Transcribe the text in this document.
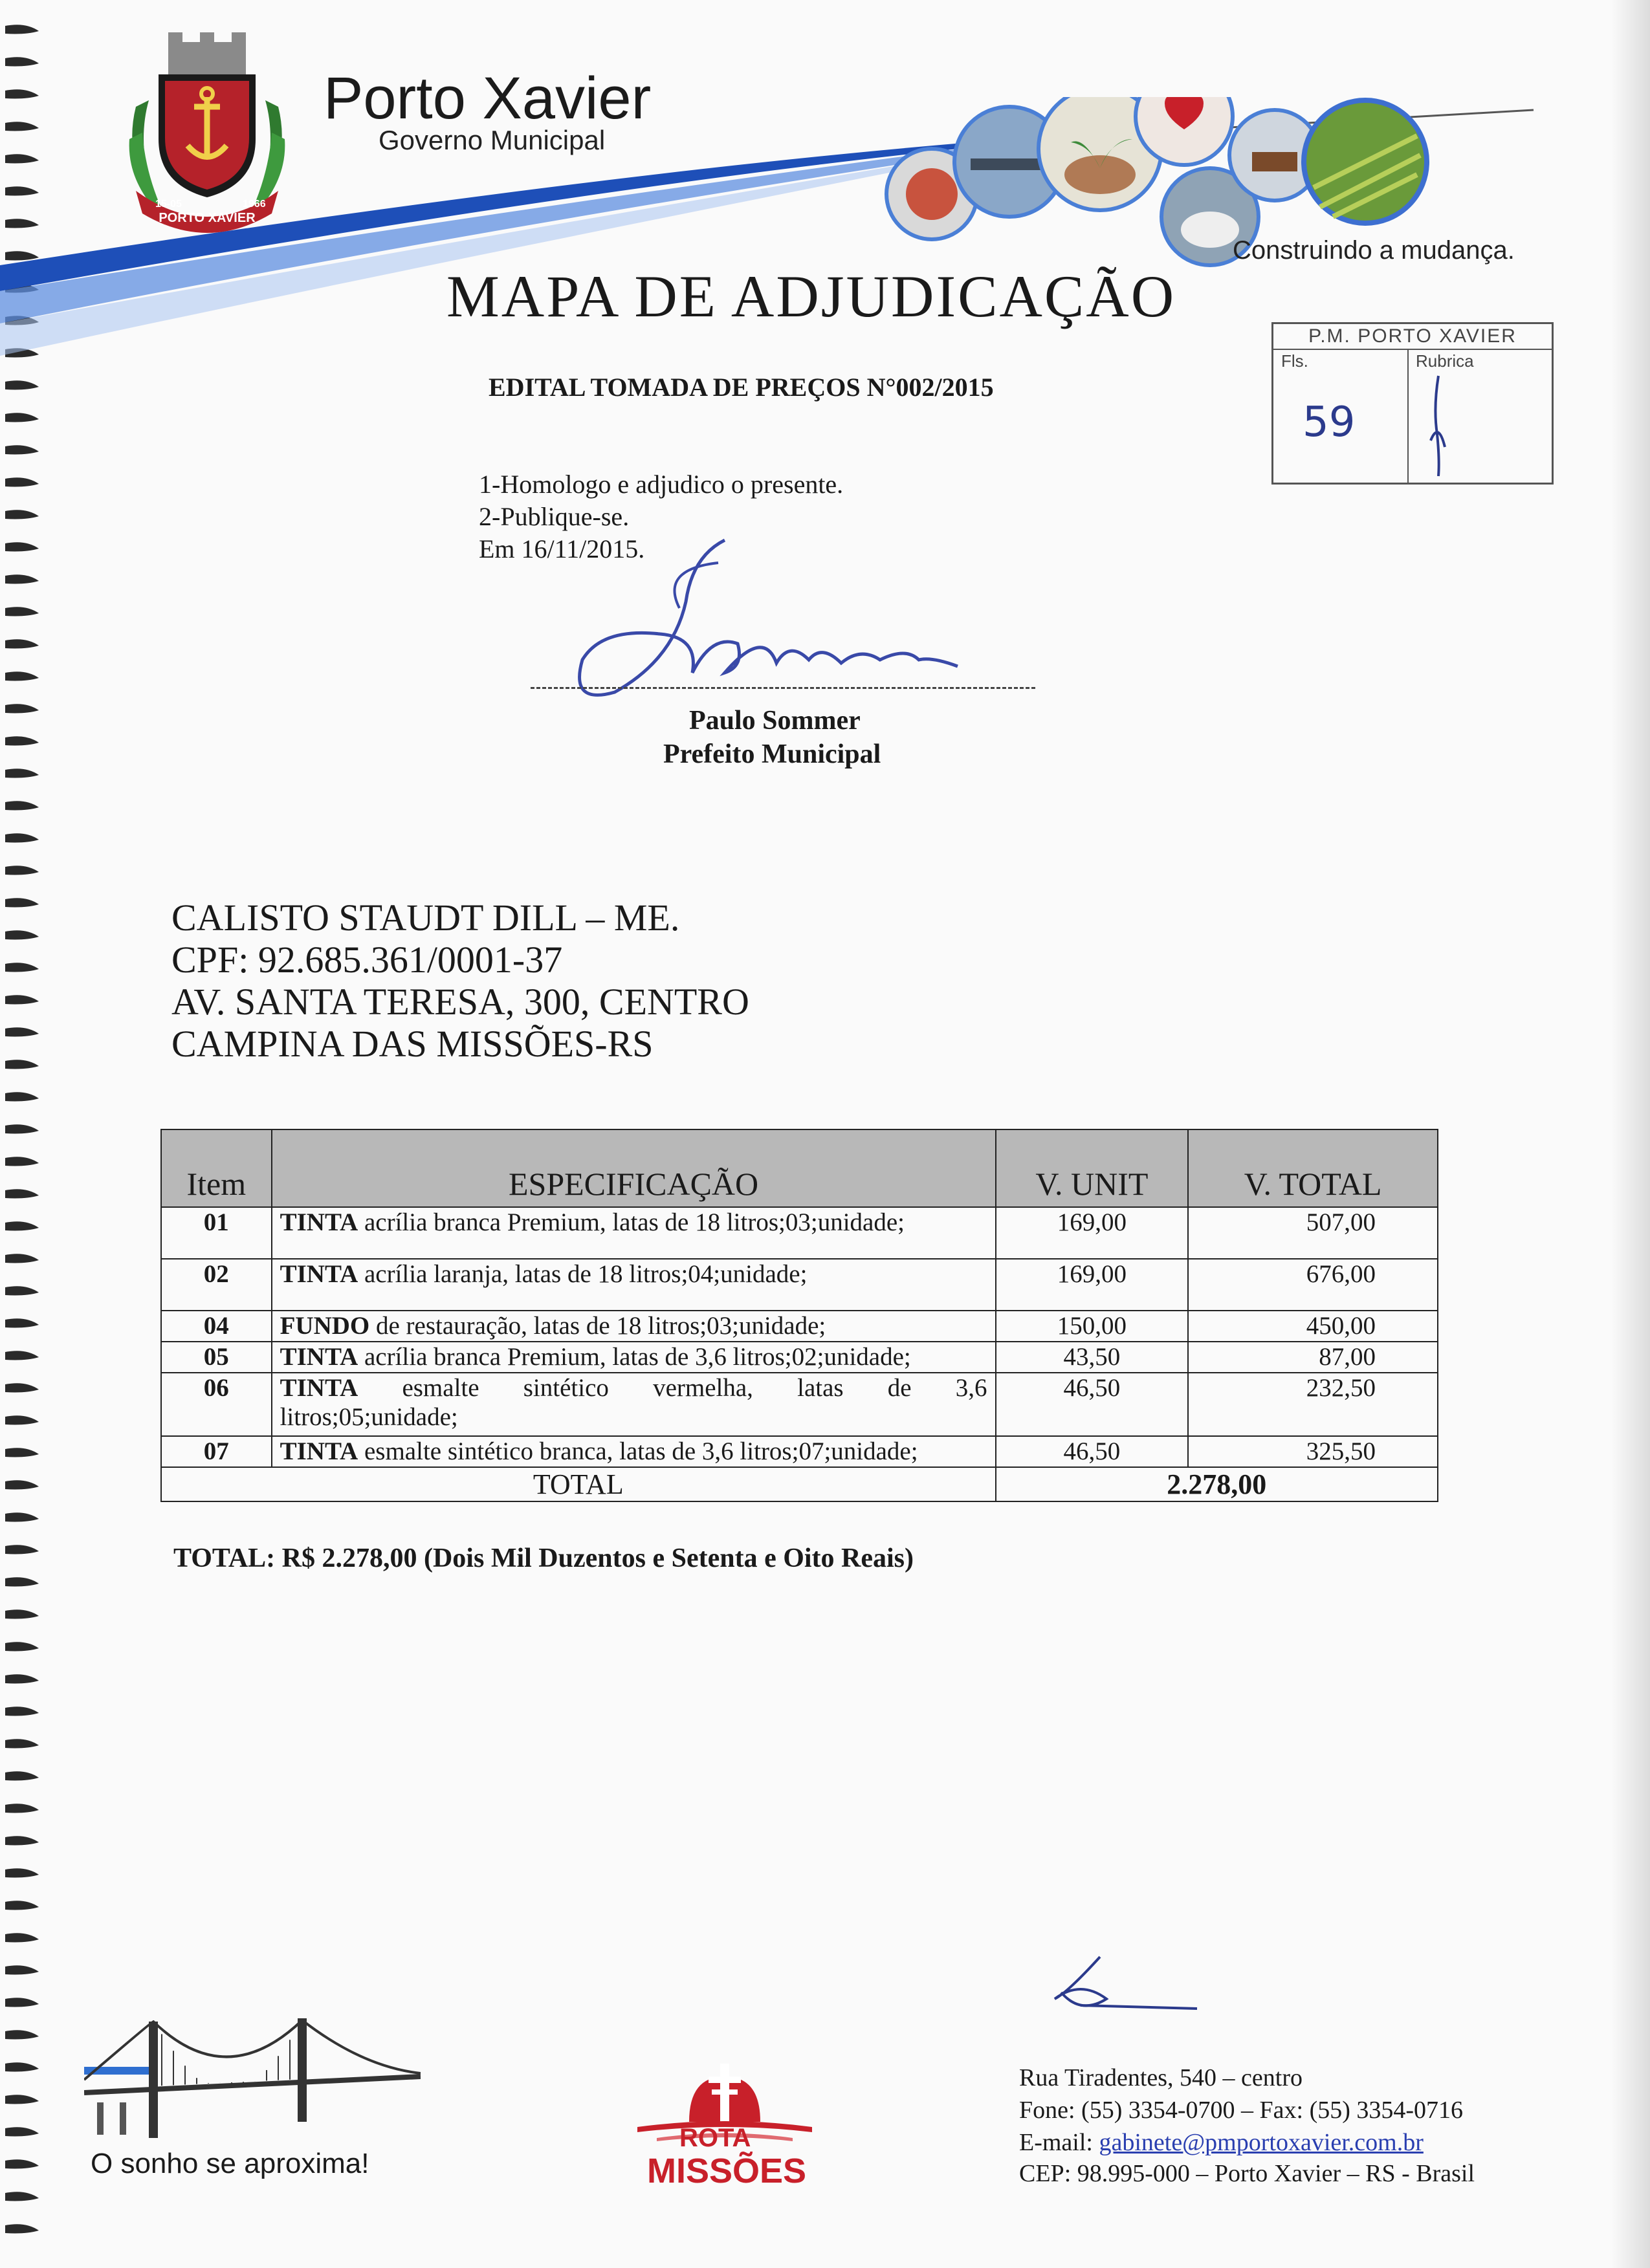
PORTO XAVIER
15-05	1966
Porto Xavier
Governo Municipal
Construindo a mudança.
MAPA DE ADJUDICAÇÃO
EDITAL TOMADA DE PREÇOS N°002/2015
P.M. PORTO XAVIER
Fls.	Rubrica
59
1-Homologo e adjudico o presente.
2-Publique-se.
Em 16/11/2015.
Paulo Sommer
Prefeito Municipal
CALISTO STAUDT DILL – ME.
CPF: 92.685.361/0001-37
AV. SANTA TERESA, 300, CENTRO
CAMPINA DAS MISSÕES-RS
Item	ESPECIFICAÇÃO	V. UNIT	V. TOTAL
01	TINTA acrília branca Premium, latas de 18 litros;03;unidade;	169,00	507,00
02	TINTA acrília laranja, latas de 18 litros;04;unidade;	169,00	676,00
04	FUNDO de restauração, latas de 18 litros;03;unidade;	150,00	450,00
05	TINTA acrília branca Premium, latas de 3,6 litros;02;unidade;	43,50	87,00
06	TINTA esmalte sintético vermelha, latas de 3,6
litros;05;unidade;	46,50	232,50
07	TINTA esmalte sintético branca, latas de 3,6 litros;07;unidade;	46,50	325,50
TOTAL		2.278,00	
TOTAL: R$ 2.278,00 (Dois Mil Duzentos e Setenta e Oito Reais)
O sonho se aproxima!
ROTA
MISSÕES
Rua Tiradentes, 540 – centro
Fone: (55) 3354-0700 – Fax: (55) 3354-0716
E-mail: gabinete@pmportoxavier.com.br
CEP: 98.995-000 – Porto Xavier – RS - Brasil
